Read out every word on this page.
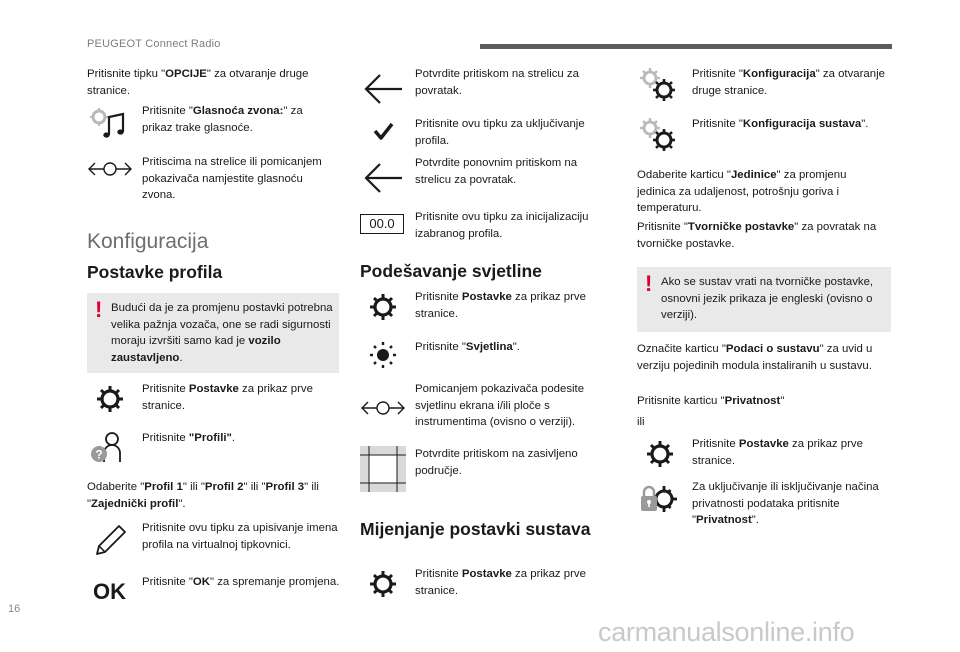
PEUGEOT Connect Radio

Pritisnite tipku "OPCIJE" za otvaranje druge stranice.

Pritisnite "Glasnoća zvona:" za prikaz trake glasnoće.
Pritiscima na strelice ili pomicanjem pokazivača namjestite glasnoću zvona.
Konfiguracija
Postavke profila
! Budući da je za promjenu postavki potrebna velika pažnja vozača, one se radi sigurnosti moraju izvršiti samo kad je vozilo zaustavljeno.
Pritisnite Postavke za prikaz prve stranice.
?
Pritisnite "Profili".

Odaberite "Profil 1" ili "Profil 2" ili "Profil 3" ili "Zajednički profil".

Pritisnite ovu tipku za upisivanje imena profila na virtualnoj tipkovnici.
OK	Pritisnite "OK" za spremanje promjena.
Potvrdite pritiskom na strelicu za povratak.
Pritisnite ovu tipku za uključivanje profila.
Potvrdite ponovnim pritiskom na strelicu za povratak.
00.0	Pritisnite ovu tipku za inicijalizaciju izabranog profila.
Podešavanje svjetline
Pritisnite Postavke za prikaz prve stranice.
Pritisnite "Svjetlina".
Pomicanjem pokazivača podesite svjetlinu ekrana i/ili ploče s instrumentima (ovisno o verziji).
Potvrdite pritiskom na zasivljeno područje.
Mijenjanje postavki sustava
Pritisnite Postavke za prikaz prve stranice.
Pritisnite "Konfiguracija" za otvaranje druge stranice.
Pritisnite "Konfiguracija sustava".

Odaberite karticu "Jedinice" za promjenu jedinica za udaljenost, potrošnju goriva i temperaturu.

Pritisnite "Tvorničke postavke" za povratak na tvorničke postavke.

! Ako se sustav vrati na tvorničke postavke, osnovni jezik prikaza je engleski (ovisno o verziji).

Označite karticu "Podaci o sustavu" za uvid u verziju pojedinih modula instaliranih u sustavu.

Pritisnite karticu "Privatnost"

ili

Pritisnite Postavke za prikaz prve stranice.
Za uključivanje ili isključivanje načina privatnosti podataka pritisnite "Privatnost".
16
carmanualsonline.info
